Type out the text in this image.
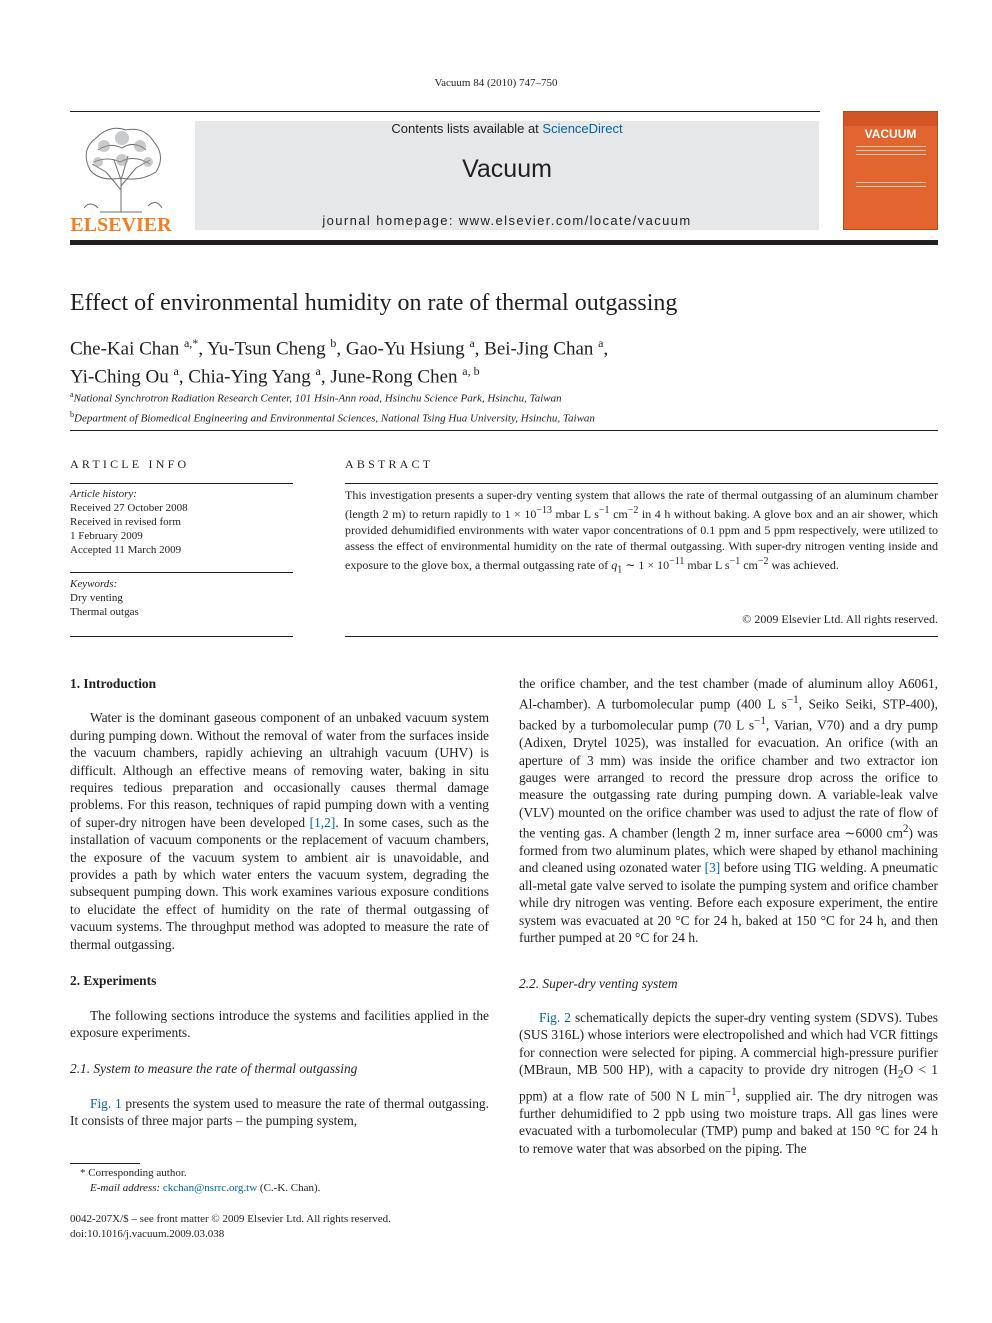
Vacuum 84 (2010) 747–750
ELSEVIER
Contents lists available at ScienceDirect
Vacuum
journal homepage: www.elsevier.com/locate/vacuum
VACUUM
Effect of environmental humidity on rate of thermal outgassing
Che-Kai Chan $^{a,*}$, Yu-Tsun Cheng $^b$, Gao-Yu Hsiung $^a$, Bei-Jing Chan $^a$,
Yi-Ching Ou $^a$, Chia-Ying Yang $^a$, June-Rong Chen $^{a, b}$
$^a$National Synchrotron Radiation Research Center, 101 Hsin-Ann road, Hsinchu Science Park, Hsinchu, Taiwan
$^b$Department of Biomedical Engineering and Environmental Sciences, National Tsing Hua University, Hsinchu, Taiwan
ARTICLE INFO
Article history:
Received 27 October 2008
Received in revised form
1 February 2009
Accepted 11 March 2009
Keywords:
Dry venting
Thermal outgas
ABSTRACT
This investigation presents a super-dry venting system that allows the rate of thermal outgassing of an aluminum chamber (length 2 m) to return rapidly to $1 \times 10^{-13}$ mbar L $s^{-1}$ $cm^{-2}$ in 4 h without baking. A glove box and an air shower, which provided dehumidified environments with water vapor concentrations of 0.1 ppm and 5 ppm respectively, were utilized to assess the effect of environmental humidity on the rate of thermal outgassing. With super-dry nitrogen venting inside and exposure to the glove box, a thermal outgassing rate of $q_1$ ∼ $1 \times 10^{-11}$ mbar L $s^{-1}$ $cm^{-2}$ was achieved.
© 2009 Elsevier Ltd. All rights reserved.

1. Introduction

Water is the dominant gaseous component of an unbaked vacuum system during pumping down. Without the removal of water from the surfaces inside the vacuum chambers, rapidly achieving an ultrahigh vacuum (UHV) is difficult. Although an effective means of removing water, baking in situ requires tedious preparation and occasionally causes thermal damage problems. For this reason, techniques of rapid pumping down with a venting of super-dry nitrogen have been developed [1,2]. In some cases, such as the installation of vacuum components or the replacement of vacuum chambers, the exposure of the vacuum system to ambient air is unavoidable, and provides a path by which water enters the vacuum system, degrading the subsequent pumping down. This work examines various exposure conditions to elucidate the effect of humidity on the rate of thermal outgassing of vacuum systems. The throughput method was adopted to measure the rate of thermal outgassing.

2. Experiments

The following sections introduce the systems and facilities applied in the exposure experiments.

2.1. System to measure the rate of thermal outgassing

Fig. 1 presents the system used to measure the rate of thermal outgassing. It consists of three major parts – the pumping system,

the orifice chamber, and the test chamber (made of aluminum alloy A6061, Al-chamber). A turbomolecular pump (400 L $s^{-1}$, Seiko Seiki, STP-400), backed by a turbomolecular pump (70 L $s^{-1}$, Varian, V70) and a dry pump (Adixen, Drytel 1025), was installed for evacuation. An orifice (with an aperture of 3 mm) was inside the orifice chamber and two extractor ion gauges were arranged to record the pressure drop across the orifice to measure the outgassing rate during pumping down. A variable-leak valve (VLV) mounted on the orifice chamber was used to adjust the rate of flow of the venting gas. A chamber (length 2 m, inner surface area ∼6000 $cm^2$) was formed from two aluminum plates, which were shaped by ethanol machining and cleaned using ozonated water [3] before using TIG welding. A pneumatic all-metal gate valve served to isolate the pumping system and orifice chamber while dry nitrogen was venting. Before each exposure experiment, the entire system was evacuated at 20 °C for 24 h, baked at 150 °C for 24 h, and then further pumped at 20 °C for 24 h.

2.2. Super-dry venting system

Fig. 2 schematically depicts the super-dry venting system (SDVS). Tubes (SUS 316L) whose interiors were electropolished and which had VCR fittings for connection were selected for piping. A commercial high-pressure purifier (MBraun, MB 500 HP), with a capacity to provide dry nitrogen ($H_2O < 1$ ppm) at a flow rate of 500 N L $\min^{-1}$, supplied air. The dry nitrogen was further dehumidified to 2 ppb using two moisture traps. All gas lines were evacuated with a turbomolecular (TMP) pump and baked at 150 °C for 24 h to remove water that was absorbed on the piping. The

* Corresponding author.
E-mail address: ckchan@nsrrc.org.tw (C.-K. Chan).
0042-207X/$ – see front matter © 2009 Elsevier Ltd. All rights reserved.
doi:10.1016/j.vacuum.2009.03.038
